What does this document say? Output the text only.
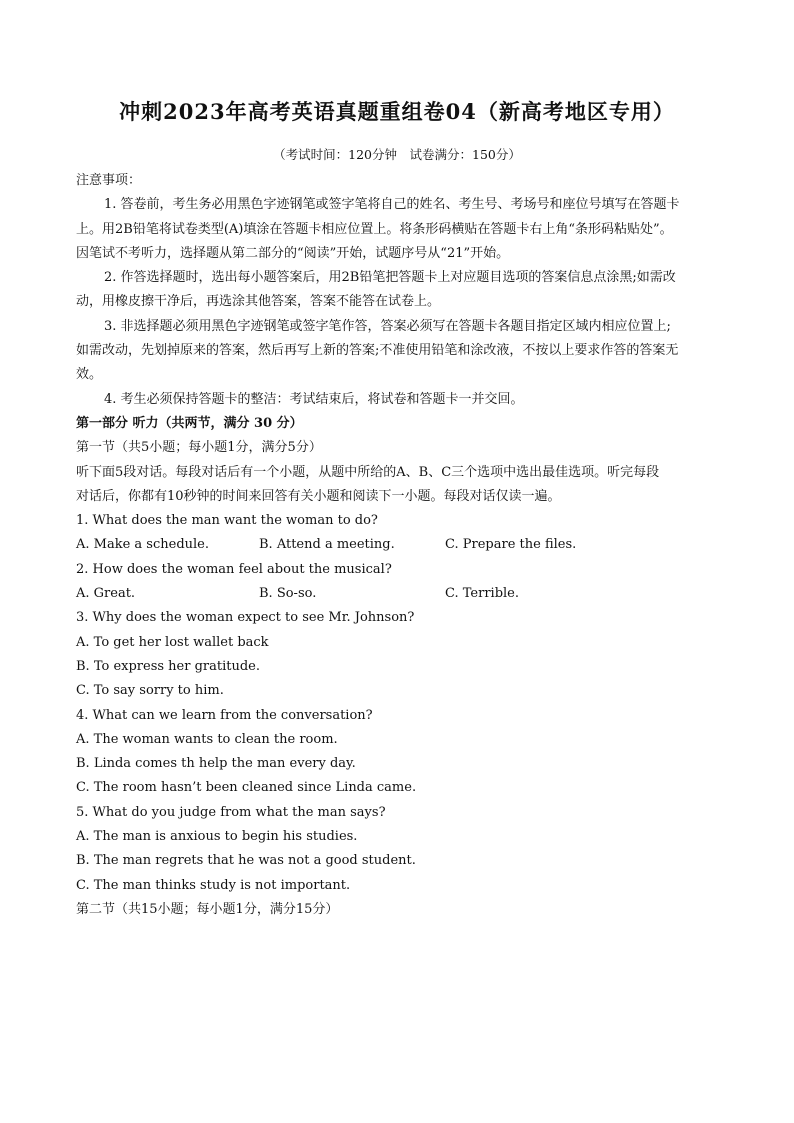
冲刺2023年高考英语真题重组卷04（新高考地区专用）
（考试时间：120分钟　试卷满分：150分）
注意事项：
1. 答卷前，考生务必用黑色字迹钢笔或签字笔将自己的姓名、考生号、考场号和座位号填写在答题卡
上。用2B铅笔将试卷类型(A)填涂在答题卡相应位置上。将条形码横贴在答题卡右上角“条形码粘贴处”。
因笔试不考听力，选择题从第二部分的“阅读”开始，试题序号从“21”开始。
2. 作答选择题时，选出每小题答案后，用2B铅笔把答题卡上对应题目选项的答案信息点涂黑;如需改
动，用橡皮擦干净后，再选涂其他答案，答案不能答在试卷上。
3. 非选择题必须用黑色字迹钢笔或签字笔作答，答案必须写在答题卡各题目指定区域内相应位置上;
如需改动，先划掉原来的答案，然后再写上新的答案;不准使用铅笔和涂改液，不按以上要求作答的答案无
效。
4. 考生必须保持答题卡的整洁：考试结束后，将试卷和答题卡一并交回。
第一部分 听力（共两节，满分 30 分）
第一节（共5小题；每小题1分，满分5分）
听下面5段对话。每段对话后有一个小题，从题中所给的A、B、C三个选项中选出最佳选项。听完每段
对话后，你都有10秒钟的时间来回答有关小题和阅读下一小题。每段对话仅读一遍。
1. What does the man want the woman to do?
A. Make a schedule.	B. Attend a meeting.	C. Prepare the files.
2. How does the woman feel about the musical?
A. Great.	B. So-so.	C. Terrible.
3. Why does the woman expect to see Mr. Johnson?
A. To get her lost wallet back
B. To express her gratitude.
C. To say sorry to him.
4. What can we learn from the conversation?
A. The woman wants to clean the room.
B. Linda comes th help the man every day.
C. The room hasn’t been cleaned since Linda came.
5. What do you judge from what the man says?
A. The man is anxious to begin his studies.
B. The man regrets that he was not a good student.
C. The man thinks study is not important.
第二节（共15小题；每小题1分，满分15分）
